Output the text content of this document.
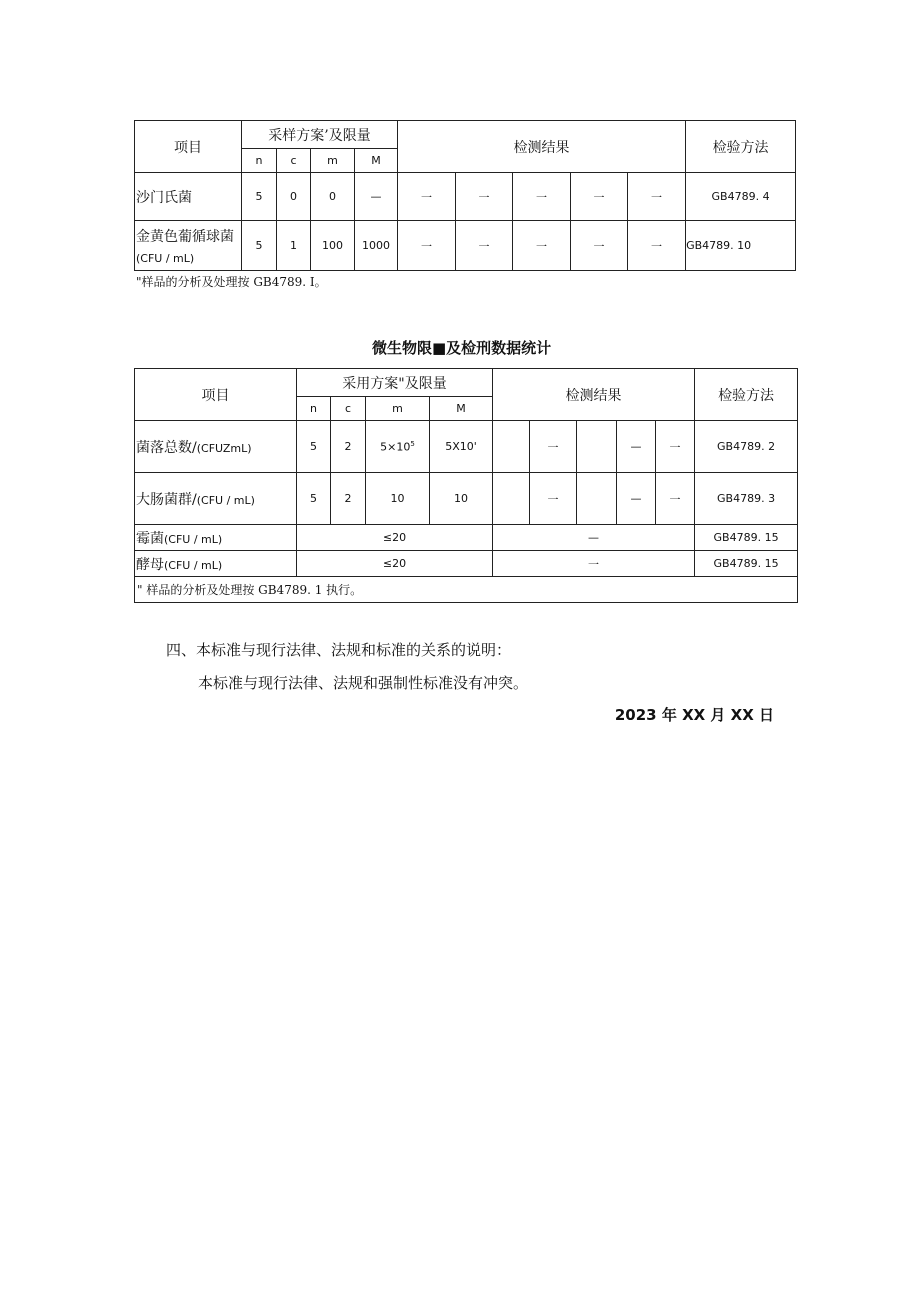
项目	采样方案’及限量				检测结果					检验方法
	n	c	m	M						
沙门氏菌	5	0	0	—	一	一	一	一	一	GB4789. 4

金黄色葡循球菌
(CFU / mL)	5	1	100	1000	一	一	一	一	一	GB4789. 10
"样品的分析及处理按 GB4789. I。
微生物限■及检刑数据统计
项目	采用方案"及限量				检测结果					检验方法
	n	c	m	M						
菌落总数/(CFUZmL)	5	2	$5\times 10^5$	5X10'		一		—	一	GB4789. 2
大肠菌群/(CFU / mL)	5	2	10	10		一		—	一	GB4789. 3
霉菌(CFU / mL)	≤20				—					GB4789. 15
酵母(CFU / mL)	≤20				一					GB4789. 15
" 样品的分析及处理按 GB4789. 1 执行。										
四、本标准与现行法律、法规和标准的关系的说明：
本标准与现行法律、法规和强制性标准没有冲突。
2023 年 XX 月 XX 日
